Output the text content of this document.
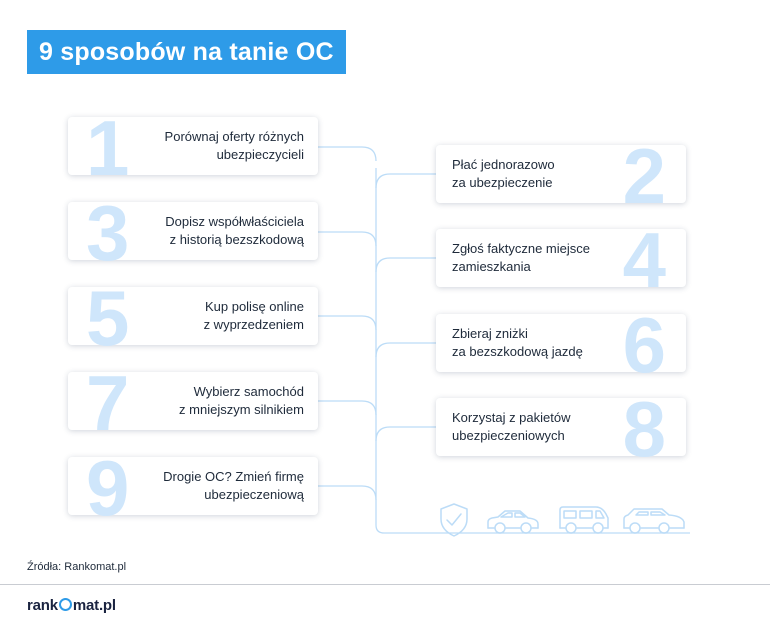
9 sposobów na tanie OC
1	Porównaj oferty różnych
ubezpieczycieli
3	Dopisz współwłaściciela
z historią bezszkodową
5	Kup polisę online
z wyprzedzeniem
7	Wybierz samochód
z mniejszym silnikiem
9	Drogie OC? Zmień firmę
ubezpieczeniową
2
Płać jednorazowo
za ubezpieczenie
4
Zgłoś faktyczne miejsce
zamieszkania
6
Zbieraj zniżki
za bezszkodową jazdę
8
Korzystaj z pakietów
ubezpieczeniowych
Źródła: Rankomat.pl
rank mat.pl
